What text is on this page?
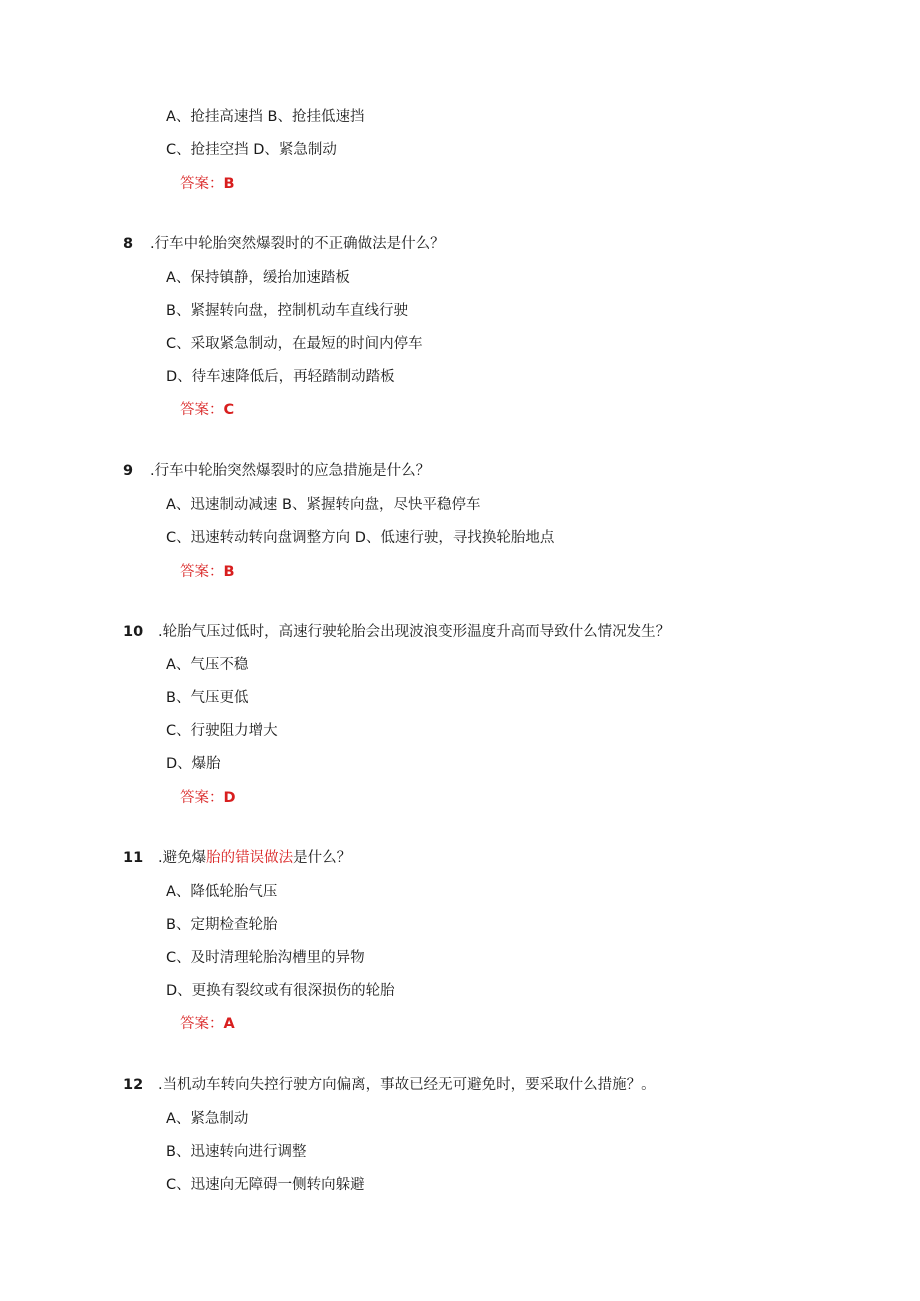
A、抢挂高速挡 B、抢挂低速挡
C、抢挂空挡 D、紧急制动
答案：B
8 .行车中轮胎突然爆裂时的不正确做法是什么？
A、保持镇静，缓抬加速踏板
B、紧握转向盘，控制机动车直线行驶
C、采取紧急制动，在最短的时间内停车
D、待车速降低后，再轻踏制动踏板
答案：C
9 .行车中轮胎突然爆裂时的应急措施是什么？
A、迅速制动减速 B、紧握转向盘，尽快平稳停车
C、迅速转动转向盘调整方向 D、低速行驶，寻找换轮胎地点
答案：B
10 .轮胎气压过低时，高速行驶轮胎会出现波浪变形温度升高而导致什么情况发生？
A、气压不稳
B、气压更低
C、行驶阻力增大
D、爆胎
答案：D
11 .避免爆胎的错误做法是什么？
A、降低轮胎气压
B、定期检查轮胎
C、及时清理轮胎沟槽里的异物
D、更换有裂纹或有很深损伤的轮胎
答案：A
12 .当机动车转向失控行驶方向偏离，事故已经无可避免时，要采取什么措施？。
A、紧急制动
B、迅速转向进行调整
C、迅速向无障碍一侧转向躲避
